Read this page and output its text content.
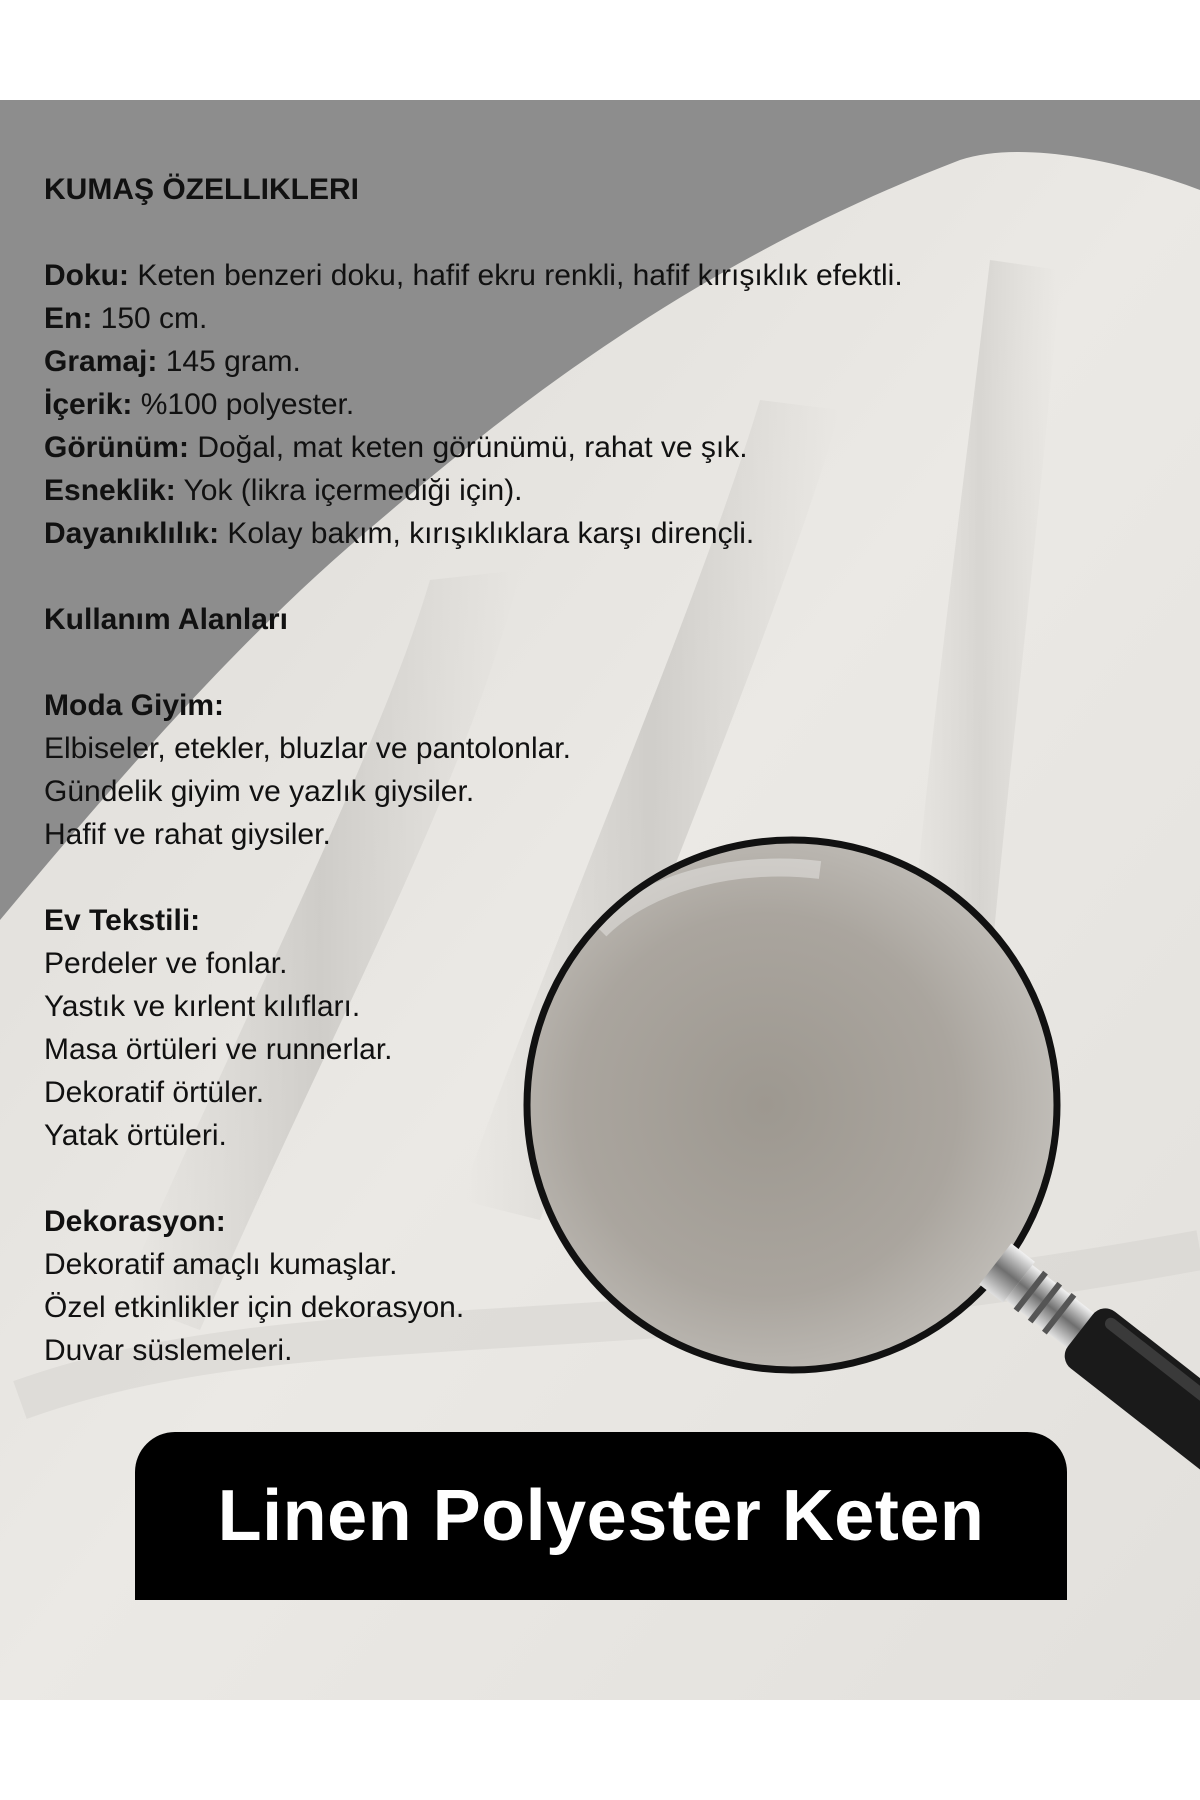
KUMAŞ ÖZELLIKLERI
Doku: Keten benzeri doku, hafif ekru renkli, hafif kırışıklık efektli.
En: 150 cm.
Gramaj: 145 gram.
İçerik: %100 polyester.
Görünüm: Doğal, mat keten görünümü, rahat ve şık.
Esneklik: Yok (likra içermediği için).
Dayanıklılık: Kolay bakım, kırışıklıklara karşı dirençli.
Kullanım Alanları
Moda Giyim:
Elbiseler, etekler, bluzlar ve pantolonlar.
Gündelik giyim ve yazlık giysiler.
Hafif ve rahat giysiler.
Ev Tekstili:
Perdeler ve fonlar.
Yastık ve kırlent kılıfları.
Masa örtüleri ve runnerlar.
Dekoratif örtüler.
Yatak örtüleri.
Dekorasyon:
Dekoratif amaçlı kumaşlar.
Özel etkinlikler için dekorasyon.
Duvar süslemeleri.
Linen Polyester Keten
